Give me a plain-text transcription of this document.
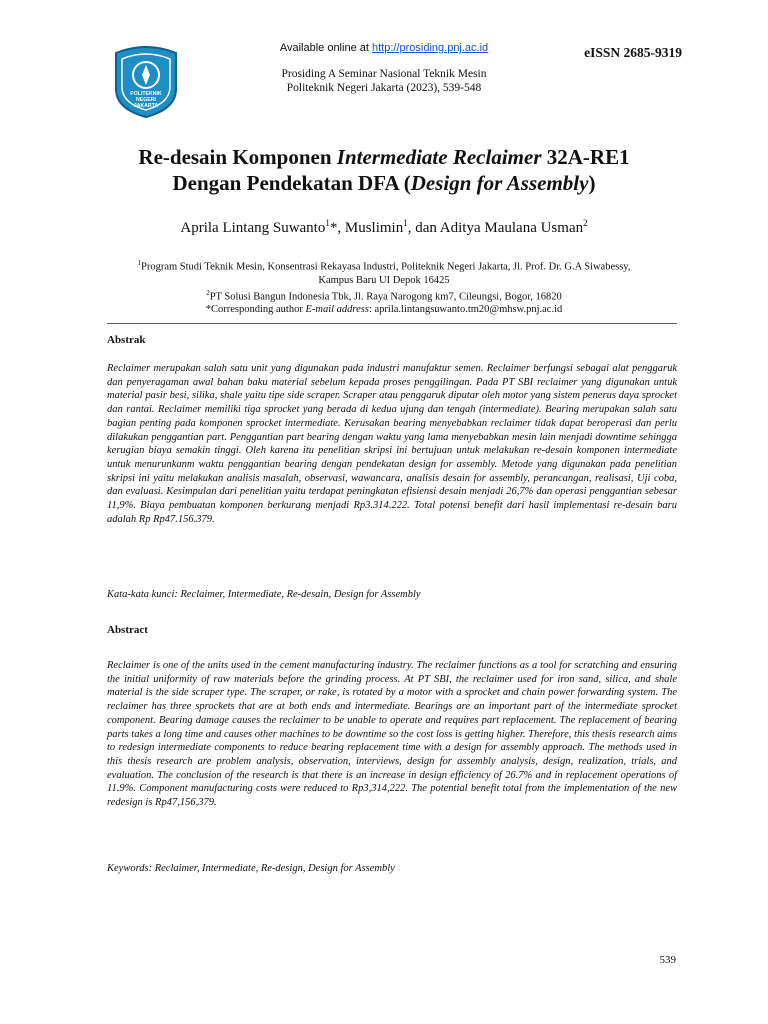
POLITEKNIK
NEGERI
JAKARTA
Available online at http://prosiding.pnj.ac.id	eISSN 2685-9319
Prosiding A Seminar Nasional Teknik Mesin
Politeknik Negeri Jakarta (2023), 539-548
Re-desain Komponen Intermediate Reclaimer 32A-RE1
Dengan Pendekatan DFA (Design for Assembly)
Aprila Lintang Suwanto$^1$*, Muslimin$^1$, dan Aditya Maulana Usman$^2$
$^1$Program Studi Teknik Mesin, Konsentrasi Rekayasa Industri, Politeknik Negeri Jakarta, Jl. Prof. Dr. G.A Siwabessy,
Kampus Baru UI Depok 16425
$^2$PT Solusi Bangun Indonesia Tbk, Jl. Raya Narogong km7, Cileungsi, Bogor, 16820
*Corresponding author E-mail address: aprila.lintangsuwanto.tm20@mhsw.pnj.ac.id
Abstrak
Reclaimer merupakan salah satu unit yang digunakan pada industri manufaktur semen. Reclaimer berfungsi sebagai alat penggaruk dan penyeragaman awal bahan baku material sebelum kepada proses penggilingan. Pada PT SBI reclaimer yang digunakan untuk material pasir besi, silika, shale yaitu tipe side scraper. Scraper atau penggaruk diputar oleh motor yang sistem penerus daya sprocket dan rantai. Reclaimer memiliki tiga sprocket yang berada di kedua ujung dan tengah (intermediate). Bearing merupakan salah satu bagian penting pada komponen sprocket intermediate. Kerusakan bearing menyebabkan reclaimer tidak dapat beroperasi dan perlu dilakukan penggantian part. Penggantian part bearing dengan waktu yang lama menyebabkan mesin lain menjadi downtime sehingga kerugian biaya semakin tinggi. Oleh karena itu penelitian skripsi ini bertujuan untuk melakukan re-desain komponen intermediate untuk menurunkanm waktu penggantian bearing dengan pendekatan design for assembly. Metode yang digunakan pada penelitian skripsi ini yaitu melakukan analisis masalah, observasi, wawancara, analisis desain for assembly, perancangan, realisasi, Uji coba, dan evaluasi. Kesimpulan dari penelitian yaitu terdapat peningkatan efisiensi desain menjadi 26,7% dan operasi penggantian sebesar 11,9%. Biaya pembuatan komponen berkurang menjadi Rp3.314.222. Total potensi benefit dari hasil implementasi re-desain baru adalah Rp Rp47.156.379.
Kata-kata kunci: Reclaimer, Intermediate, Re-desain, Design for Assembly
Abstract
Reclaimer is one of the units used in the cement manufacturing industry. The reclaimer functions as a tool for scratching and ensuring the initial uniformity of raw materials before the grinding process. At PT SBI, the reclaimer used for iron sand, silica, and shale material is the side scraper type. The scraper, or rake, is rotated by a motor with a sprocket and chain power forwarding system. The reclaimer has three sprockets that are at both ends and intermediate. Bearings are an important part of the intermediate sprocket component. Bearing damage causes the reclaimer to be unable to operate and requires part replacement. The replacement of bearing parts takes a long time and causes other machines to be downtime so the cost loss is getting higher. Therefore, this thesis research aims to redesign intermediate components to reduce bearing replacement time with a design for assembly approach. The methods used in this thesis research are problem analysis, observation, interviews, design for assembly analysis, design, realization, trials, and evaluation. The conclusion of the research is that there is an increase in design efficiency of 26.7% and in replacement operations of 11.9%. Component manufacturing costs were reduced to Rp3,314,222. The potential benefit total from the implementation of the new redesign is Rp47,156,379.
Keywords: Reclaimer, Intermediate, Re-design, Design for Assembly
539
